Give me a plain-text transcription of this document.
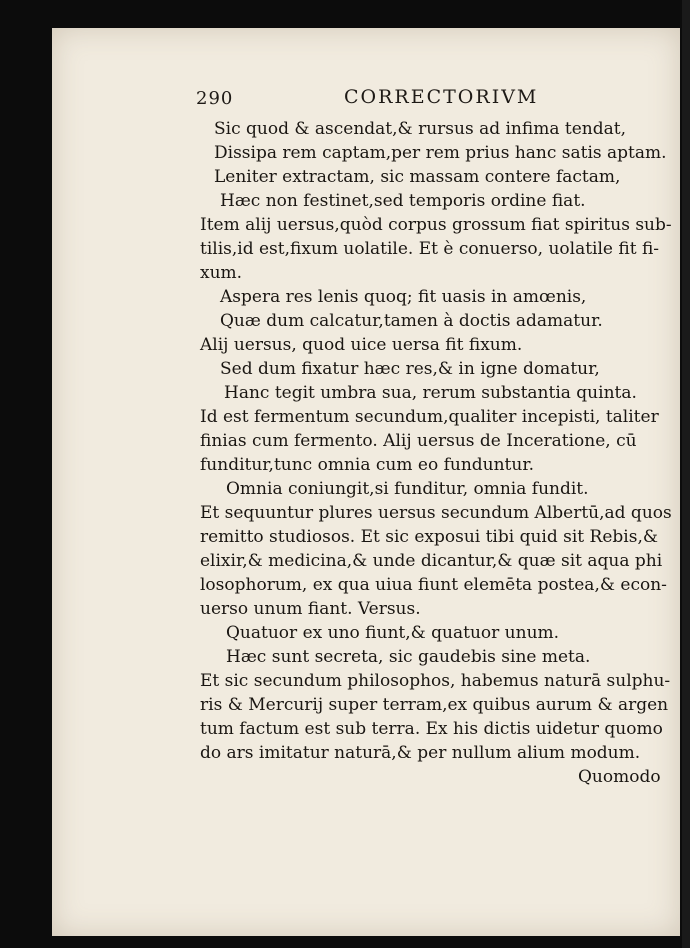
290	CORRECTORIVM
Sic quod & ascendat,& rursus ad infima tendat,
Dissipa rem captam,per rem prius hanc satis aptam.
Leniter extractam, sic massam contere factam,
Hæc non festinet,sed temporis ordine fiat.
Item alij uersus,quòd corpus grossum fiat spiritus sub-
tilis,id est,fixum uolatile. Et è conuerso, uolatile fit fi-
xum.
Aspera res lenis quoq; fit uasis in amœnis,
Quæ dum calcatur,tamen à doctis adamatur.
Alij uersus, quod uice uersa fit fixum.
Sed dum fixatur hæc res,& in igne domatur,
Hanc tegit umbra sua, rerum substantia quinta.
Id est fermentum secundum,qualiter incepisti, taliter
finias cum fermento. Alij uersus de Inceratione, cū
funditur,tunc omnia cum eo funduntur.
Omnia coniungit,si funditur, omnia fundit.
Et sequuntur plures uersus secundum Albertū,ad quos
remitto studiosos. Et sic exposui tibi quid sit Rebis,&
elixir,& medicina,& unde dicantur,& quæ sit aqua phi
losophorum, ex qua uiua fiunt elemēta postea,& econ-
uerso unum fiant. Versus.
Quatuor ex uno fiunt,& quatuor unum.
Hæc sunt secreta, sic gaudebis sine meta.
Et sic secundum philosophos, habemus naturā sulphu-
ris & Mercurij super terram,ex quibus aurum & argen
tum factum est sub terra. Ex his dictis uidetur quomo
do ars imitatur naturā,& per nullum alium modum.
Quomodo
